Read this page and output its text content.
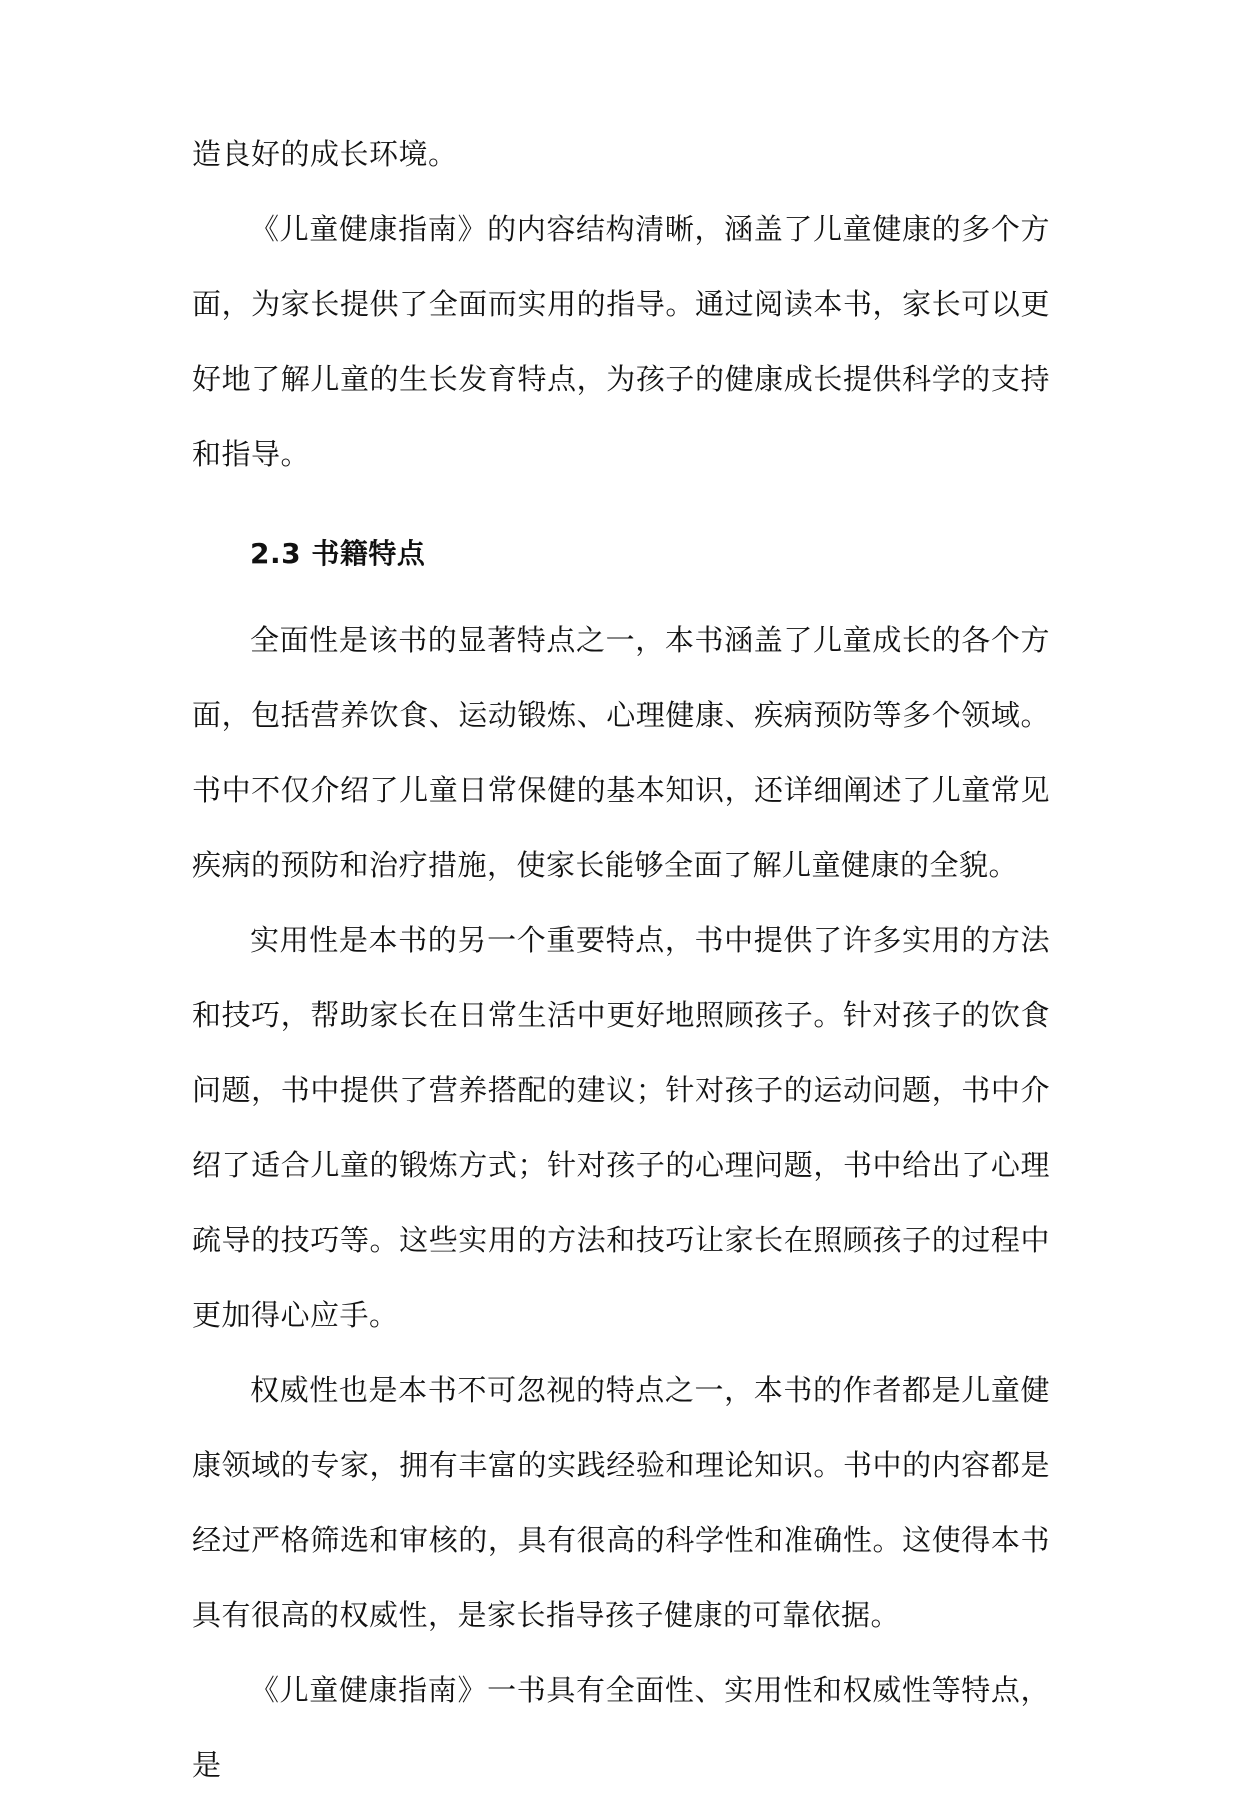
造良好的成长环境。

《儿童健康指南》的内容结构清晰，涵盖了儿童健康的多个方面，为家长提供了全面而实用的指导。通过阅读本书，家长可以更好地了解儿童的生长发育特点，为孩子的健康成长提供科学的支持和指导。

2.3 书籍特点

全面性是该书的显著特点之一，本书涵盖了儿童成长的各个方面，包括营养饮食、运动锻炼、心理健康、疾病预防等多个领域。书中不仅介绍了儿童日常保健的基本知识，还详细阐述了儿童常见疾病的预防和治疗措施，使家长能够全面了解儿童健康的全貌。

实用性是本书的另一个重要特点，书中提供了许多实用的方法和技巧，帮助家长在日常生活中更好地照顾孩子。针对孩子的饮食问题，书中提供了营养搭配的建议；针对孩子的运动问题，书中介绍了适合儿童的锻炼方式；针对孩子的心理问题，书中给出了心理疏导的技巧等。这些实用的方法和技巧让家长在照顾孩子的过程中更加得心应手。

权威性也是本书不可忽视的特点之一，本书的作者都是儿童健康领域的专家，拥有丰富的实践经验和理论知识。书中的内容都是经过严格筛选和审核的，具有很高的科学性和准确性。这使得本书具有很高的权威性，是家长指导孩子健康的可靠依据。

《儿童健康指南》一书具有全面性、实用性和权威性等特点，是
